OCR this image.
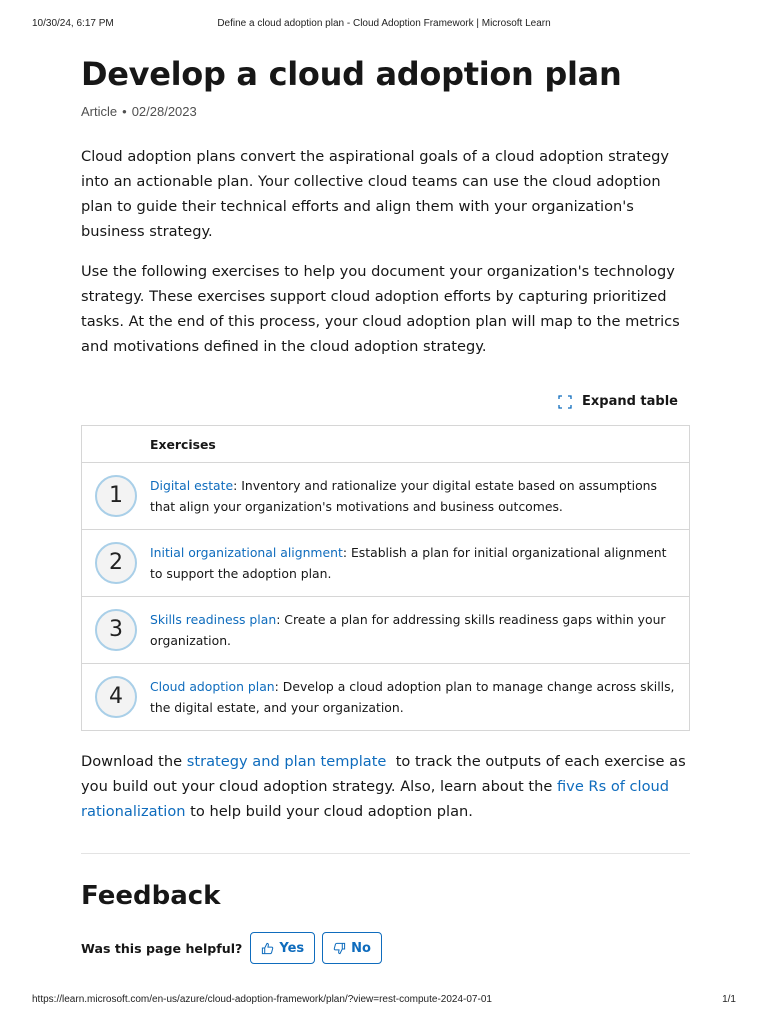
10/30/24, 6:17 PM	Define a cloud adoption plan - Cloud Adoption Framework | Microsoft Learn
Develop a cloud adoption plan
Article • 02/28/2023

Cloud adoption plans convert the aspirational goals of a cloud adoption strategy into an actionable plan. Your collective cloud teams can use the cloud adoption plan to guide their technical efforts and align them with your organization's business strategy.

Use the following exercises to help you document your organization's technology strategy. These exercises support cloud adoption efforts by capturing prioritized tasks. At the end of this process, your cloud adoption plan will map to the metrics and motivations defined in the cloud adoption strategy.

Expand table
	Exercises
1	Digital estate: Inventory and rationalize your digital estate based on assumptions that align your organization's motivations and business outcomes.
2	Initial organizational alignment: Establish a plan for initial organizational alignment to support the adoption plan.
3	Skills readiness plan: Create a plan for addressing skills readiness gaps within your organization.
4	Cloud adoption plan: Develop a cloud adoption plan to manage change across skills, the digital estate, and your organization.

Download the strategy and plan template  to track the outputs of each exercise as you build out your cloud adoption strategy. Also, learn about the five Rs of cloud rationalization to help build your cloud adoption plan.

Feedback
Was this page helpful?	Yes	No
https://learn.microsoft.com/en-us/azure/cloud-adoption-framework/plan/?view=rest-compute-2024-07-01	1/1
